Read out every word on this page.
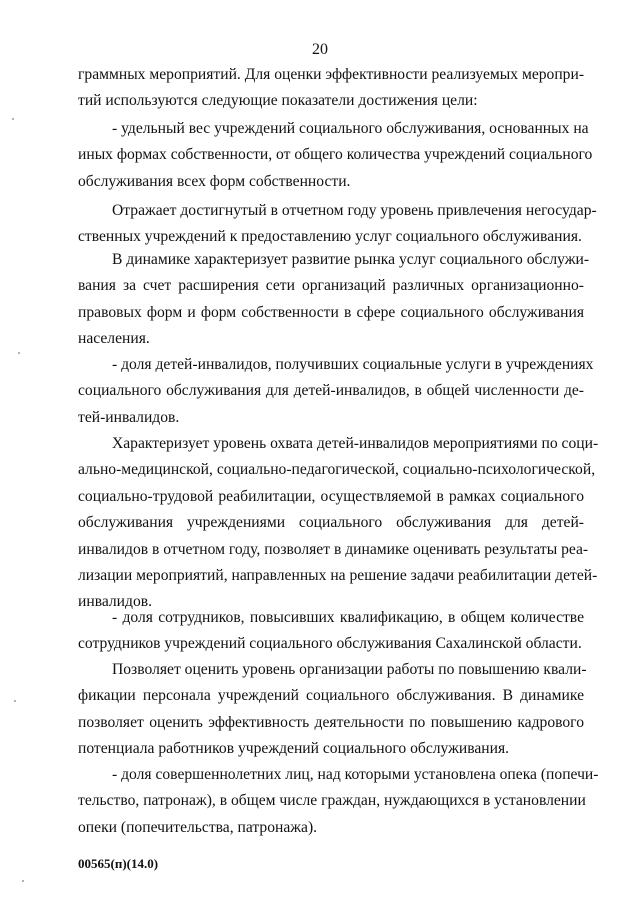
20
граммных мероприятий. Для оценки эффективности реализуемых меропри-
тий используются следующие показатели достижения цели:
- удельный вес учреждений социального обслуживания, основанных на
иных формах собственности, от общего количества учреждений социального
обслуживания всех форм собственности.
Отражает достигнутый в отчетном году уровень привлечения негосудар-
ственных учреждений к предоставлению услуг социального обслуживания.
В динамике характеризует развитие рынка услуг социального обслужи-
вания за счет расширения сети организаций различных организационно-
правовых форм и форм собственности в сфере социального обслуживания
населения.
- доля детей-инвалидов, получивших социальные услуги в учреждениях
социального обслуживания для детей-инвалидов, в общей численности де-
тей-инвалидов.
Характеризует уровень охвата детей-инвалидов мероприятиями по соци-
ально-медицинской, социально-педагогической, социально-психологической,
социально-трудовой реабилитации, осуществляемой в рамках социального
обслуживания учреждениями социального обслуживания для детей-
инвалидов в отчетном году, позволяет в динамике оценивать результаты реа-
лизации мероприятий, направленных на решение задачи реабилитации детей-
инвалидов.
- доля сотрудников, повысивших квалификацию, в общем количестве
сотрудников учреждений социального обслуживания Сахалинской области.
Позволяет оценить уровень организации работы по повышению квали-
фикации персонала учреждений социального обслуживания. В динамике
позволяет оценить эффективность деятельности по повышению кадрового
потенциала работников учреждений социального обслуживания.
- доля совершеннолетних лиц, над которыми установлена опека (попечи-
тельство, патронаж), в общем числе граждан, нуждающихся в установлении
опеки (попечительства, патронажа).
00565(п)(14.0)
